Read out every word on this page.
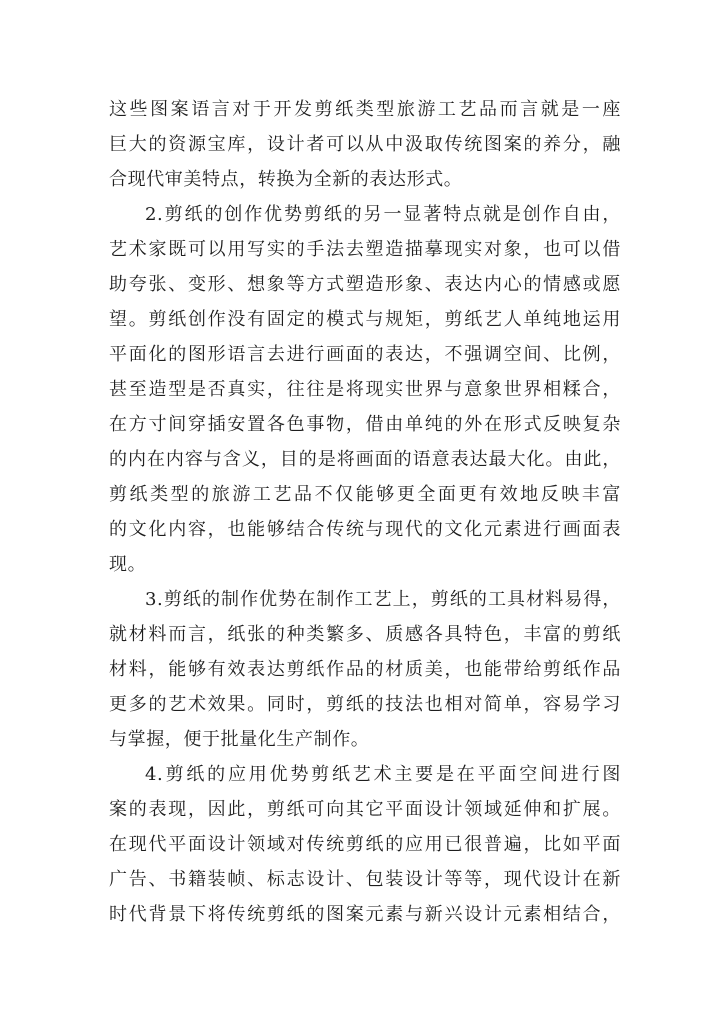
这些图案语言对于开发剪纸类型旅游工艺品而言就是一座
巨大的资源宝库，设计者可以从中汲取传统图案的养分，融
合现代审美特点，转换为全新的表达形式。
2.剪纸的创作优势剪纸的另一显著特点就是创作自由，
艺术家既可以用写实的手法去塑造描摹现实对象，也可以借
助夸张、变形、想象等方式塑造形象、表达内心的情感或愿
望。剪纸创作没有固定的模式与规矩，剪纸艺人单纯地运用
平面化的图形语言去进行画面的表达，不强调空间、比例，
甚至造型是否真实，往往是将现实世界与意象世界相糅合，
在方寸间穿插安置各色事物，借由单纯的外在形式反映复杂
的内在内容与含义，目的是将画面的语意表达最大化。由此，
剪纸类型的旅游工艺品不仅能够更全面更有效地反映丰富
的文化内容，也能够结合传统与现代的文化元素进行画面表
现。
3.剪纸的制作优势在制作工艺上，剪纸的工具材料易得，
就材料而言，纸张的种类繁多、质感各具特色，丰富的剪纸
材料，能够有效表达剪纸作品的材质美，也能带给剪纸作品
更多的艺术效果。同时，剪纸的技法也相对简单，容易学习
与掌握，便于批量化生产制作。
4.剪纸的应用优势剪纸艺术主要是在平面空间进行图
案的表现，因此，剪纸可向其它平面设计领域延伸和扩展。
在现代平面设计领域对传统剪纸的应用已很普遍，比如平面
广告、书籍装帧、标志设计、包装设计等等，现代设计在新
时代背景下将传统剪纸的图案元素与新兴设计元素相结合，
